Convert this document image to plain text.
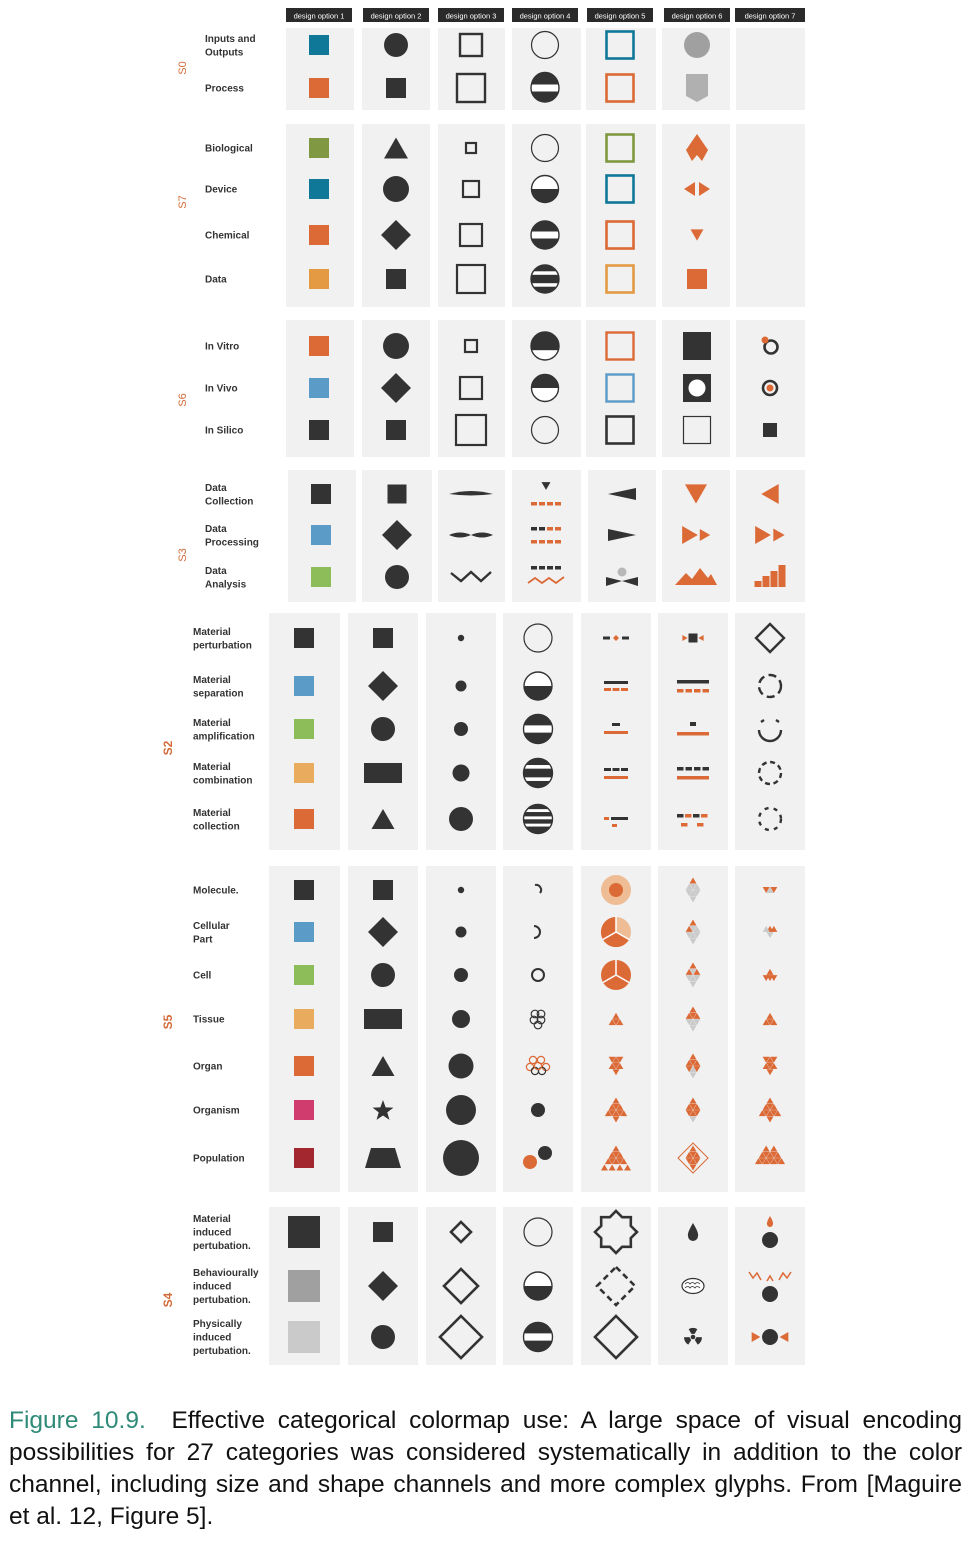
design option 1	design option 2	design option 3	design option 4	design option 5	design option 6	design option 7
S0
Inputs and Outputs
Process
S7
Biological
Device
Chemical
Data
S6
In Vitro
In Vivo
In Silico
S3
Data Collection
Data Processing
Data Analysis
S2
Material perturbation
Material separation
Material amplification
Material combination
Material collection
S5
Molecule.
Cellular Part
Cell
Tissue
Organ
Organism
Population
S4
Material induced pertubation.
Behaviourally induced pertubation.
Physically induced pertubation.
Figure 10.9. Effective categorical colormap use: A large space of visual encoding possibilities for 27 categories was considered systematically in addition to the color channel, including size and shape channels and more complex glyphs. From [Maguire et al. 12, Figure 5].
